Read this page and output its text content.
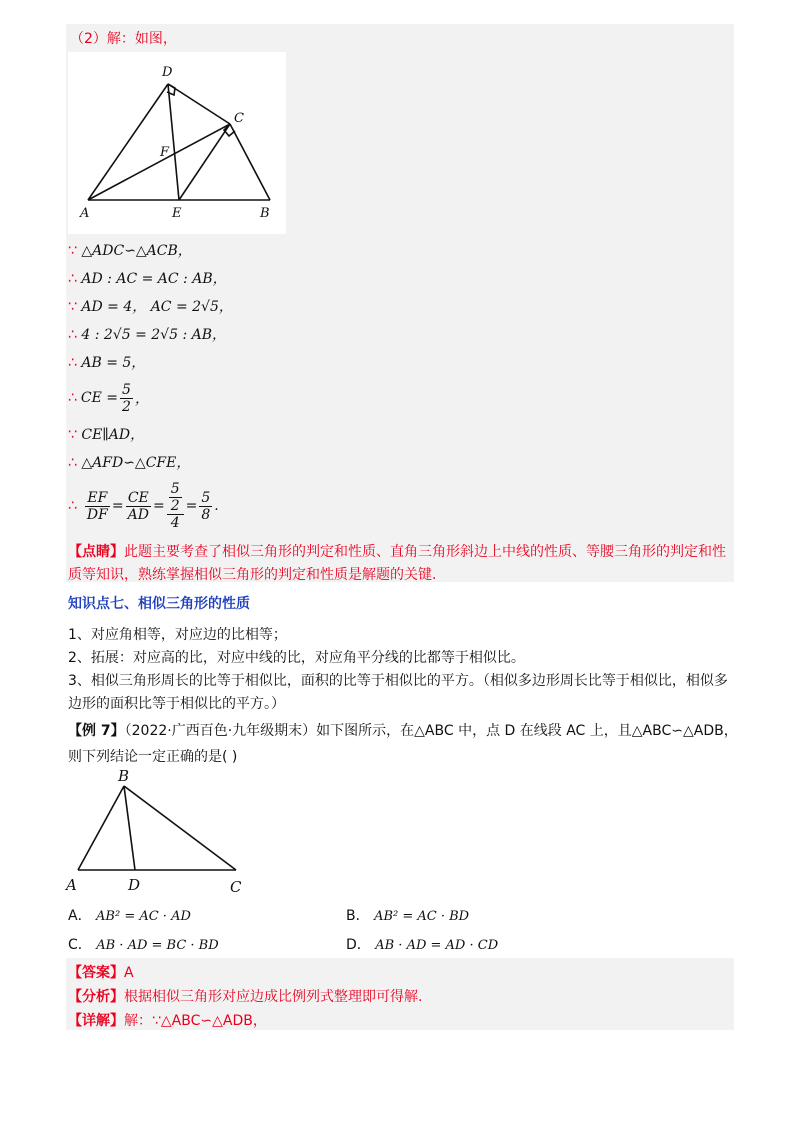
（2）解：如图，
D
C
F
A	E	B
∵ △ADC∽△ACB，
∴ AD : AC = AC : AB，
∵ AD = 4， AC = 2√5，
∴ 4 : 2√5 = 2√5 : AB，
∴ AB = 5，
∴ CE = $\frac{5}{2}$ ，
∵ CE∥AD，
∴ △AFD∽△CFE，
∴ $\frac{EF}{DF} = \frac{CE}{AD} = \frac{\frac{5}{2}}{4} = \frac{5}{8}$ .
【点睛】此题主要考查了相似三角形的判定和性质、直角三角形斜边上中线的性质、等腰三角形的判定和性质等知识，熟练掌握相似三角形的判定和性质是解题的关键.
知识点七、相似三角形的性质
1、对应角相等，对应边的比相等；
2、拓展：对应高的比，对应中线的比，对应角平分线的比都等于相似比。
3、相似三角形周长的比等于相似比，面积的比等于相似比的平方。（相似多边形周长比等于相似比，相似多边形的面积比等于相似比的平方。）
【例 7】（2022·广西百色·九年级期末）如下图所示，在△ABC 中，点 D 在线段 AC 上，且△ABC∽△ADB，
则下列结论一定正确的是( )
B
A	D	C
A． AB² = AC · AD	B． AB² = AC · BD
C． AB · AD = BC · BD	D． AB · AD = AD · CD
【答案】A
【分析】根据相似三角形对应边成比例列式整理即可得解.
【详解】解：∵△ABC∽△ADB，
